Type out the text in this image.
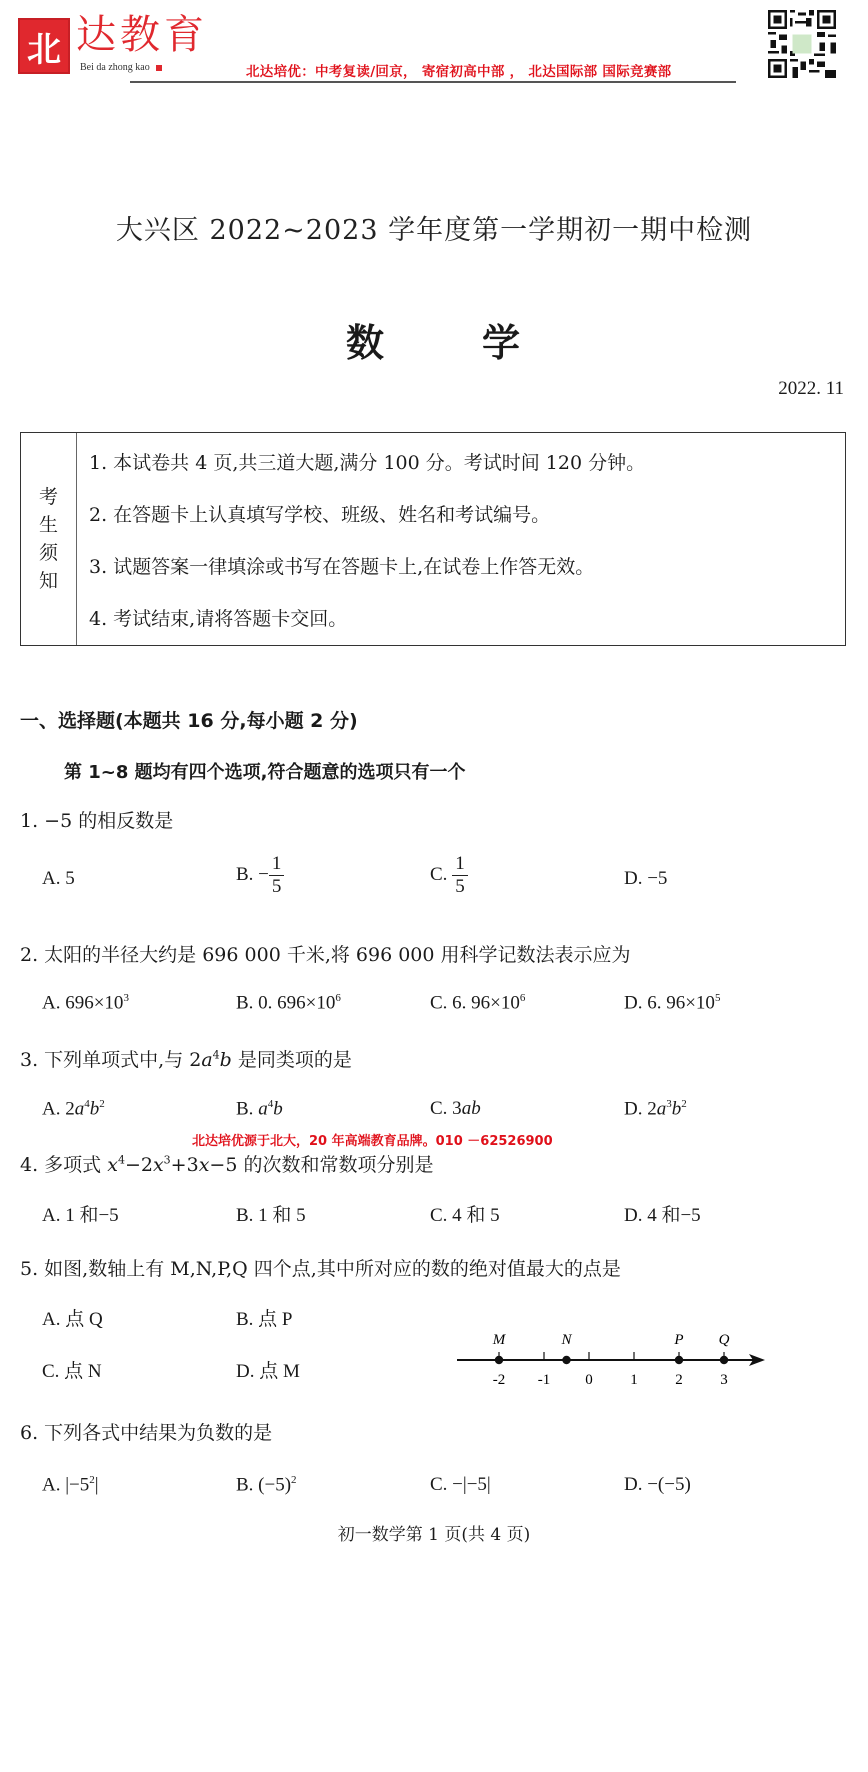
北 达教育
Bei da zhong kao	北达培优：中考复读/回京， 寄宿初高中部 ， 北达国际部 国际竞赛部
大兴区 2022~2023 学年度第一学期初一期中检测
数	学
2022. 11
考
生
须
知
1. 本试卷共 4 页,共三道大题,满分 100 分。考试时间 120 分钟。
2. 在答题卡上认真填写学校、班级、姓名和考试编号。
3. 试题答案一律填涂或书写在答题卡上,在试卷上作答无效。
4. 考试结束,请将答题卡交回。
一、选择题(本题共 16 分,每小题 2 分)
第 1~8 题均有四个选项,符合题意的选项只有一个
1. −5 的相反数是
A. 5	B. − $\frac{1}{5}$	C. $\frac{1}{5}$	D. −5
2. 太阳的半径大约是 696 000 千米,将 696 000 用科学记数法表示应为
A. $696\times 10^3$	B. 0. $696\times 10^6$	C. 6. $96\times 10^6$	D. 6. $96\times 10^5$
3. 下列单项式中,与 $2a^4b$ 是同类项的是
A. $2a^4b^2$	B. $a^4b$	C. 3ab	D. $2a^3b^2$
北达培优源于北大，20 年高端教育品牌。010 －62526900
4. 多项式 $x^4-2x^3+3x-5$ 的次数和常数项分别是
A. 1 和−5	B. 1 和 5	C. 4 和 5	D. 4 和−5
5. 如图,数轴上有 M,N,P,Q 四个点,其中所对应的数的绝对值最大的点是
A. 点 Q	B. 点 P
C. 点 N	D. 点 M	-2 -1 0	1	2	3
M	N	P Q
6. 下列各式中结果为负数的是
A. $|-5^2|$	B. $(-5)^2$	C. −|−5|	D. −(−5)
初一数学第 1 页(共 4 页)
